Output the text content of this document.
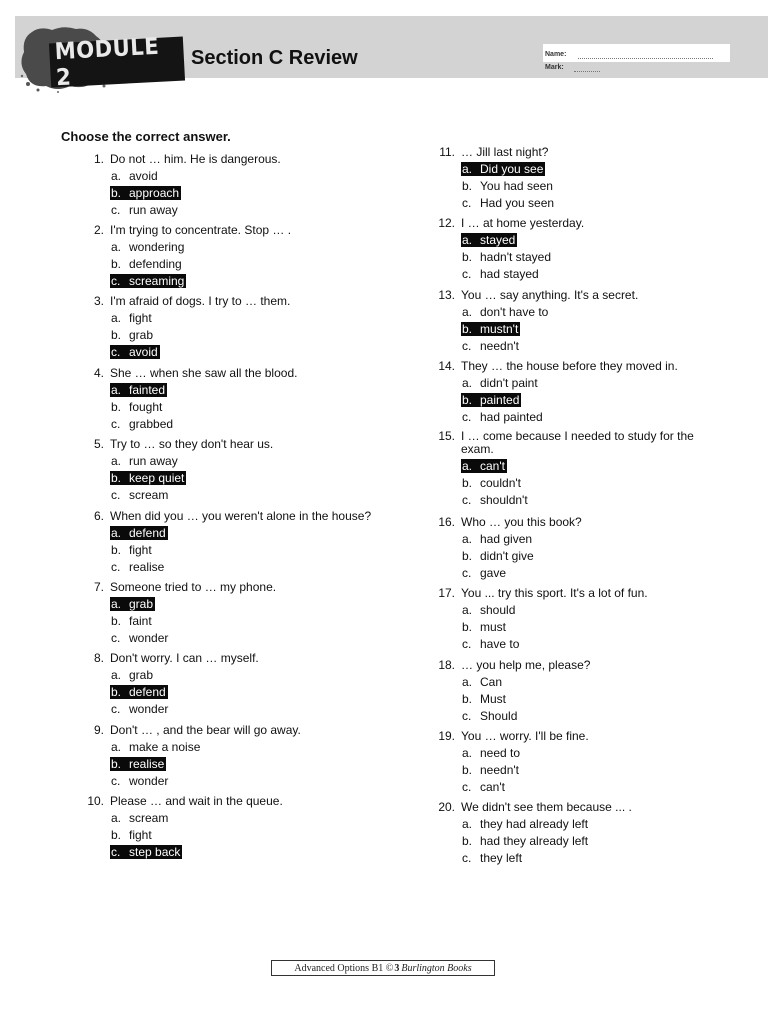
MODULE 2
Section C Review	Name:
Mark:
Choose the correct answer.
1. Do not … him. He is dangerous.
a. avoid
b. approach
c. run away
2. I'm trying to concentrate. Stop … .
a. wondering
b. defending
c. screaming
3. I'm afraid of dogs. I try to … them.
a. fight
b. grab
c. avoid
4. She … when she saw all the blood.
a. fainted
b. fought
c. grabbed
5. Try to … so they don't hear us.
a. run away
b. keep quiet
c. scream
6. When did you … you weren't alone in the house?
a. defend
b. fight
c. realise
7. Someone tried to … my phone.
a. grab
b. faint
c. wonder
8. Don't worry. I can … myself.
a. grab
b. defend
c. wonder
9. Don't … , and the bear will go away.
a. make a noise
b. realise
c. wonder
10. Please … and wait in the queue.
a. scream
b. fight
c. step back
11. … Jill last night?
a. Did you see
b. You had seen
c. Had you seen
12. I … at home yesterday.
a. stayed
b. hadn't stayed
c. had stayed
13. You … say anything. It's a secret.
a. don't have to
b. mustn't
c. needn't
14. They … the house before they moved in.
a. didn't paint
b. painted
c. had painted
15. I … come because I needed to study for the exam.
a. can't
b. couldn't
c. shouldn't
16. Who … you this book?
a. had given
b. didn't give
c. gave
17. You ... try this sport. It's a lot of fun.
a. should
b. must
c. have to
18. … you help me, please?
a. Can
b. Must
c. Should
19. You … worry. I'll be fine.
a. need to
b. needn't
c. can't
20. We didn't see them because ... .
a. they had already left
b. had they already left
c. they left
Advanced Options B1 © 3 Burlington Books
